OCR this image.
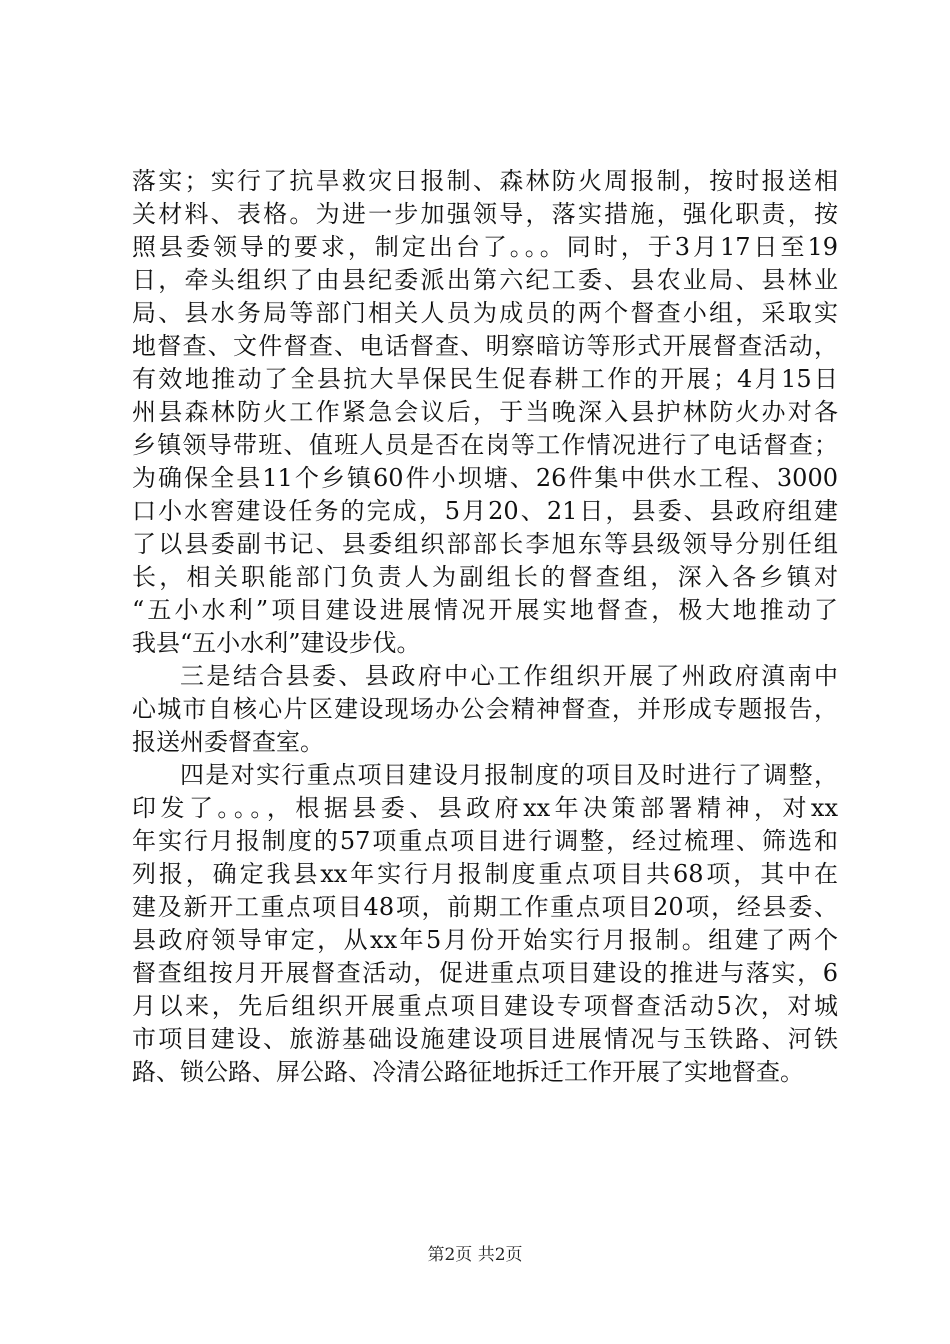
落实；实行了抗旱救灾日报制、森林防火周报制，按时报送相
关材料、表格。为进一步加强领导，落实措施，强化职责，按
照县委领导的要求，制定出台了。。。同时，于3月17日至19
日，牵头组织了由县纪委派出第六纪工委、县农业局、县林业
局、县水务局等部门相关人员为成员的两个督查小组，采取实
地督查、文件督查、电话督查、明察暗访等形式开展督查活动，
有效地推动了全县抗大旱保民生促春耕工作的开展；4月15日
州县森林防火工作紧急会议后，于当晚深入县护林防火办对各
乡镇领导带班、值班人员是否在岗等工作情况进行了电话督查；
为确保全县11个乡镇60件小坝塘、26件集中供水工程、3000
口小水窖建设任务的完成，5月20、21日，县委、县政府组建
了以县委副书记、县委组织部部长李旭东等县级领导分别任组
长，相关职能部门负责人为副组长的督查组，深入各乡镇对
“五小水利”项目建设进展情况开展实地督查，极大地推动了
我县“五小水利”建设步伐。
三是结合县委、县政府中心工作组织开展了州政府滇南中
心城市自核心片区建设现场办公会精神督查，并形成专题报告，
报送州委督查室。
四是对实行重点项目建设月报制度的项目及时进行了调整，
印发了。。。，根据县委、县政府xx年决策部署精神，对xx
年实行月报制度的57项重点项目进行调整，经过梳理、筛选和
列报，确定我县xx年实行月报制度重点项目共68项，其中在
建及新开工重点项目48项，前期工作重点项目20项，经县委、
县政府领导审定，从xx年5月份开始实行月报制。组建了两个
督查组按月开展督查活动，促进重点项目建设的推进与落实，6
月以来，先后组织开展重点项目建设专项督查活动5次，对城
市项目建设、旅游基础设施建设项目进展情况与玉铁路、河铁
路、锁公路、屏公路、冷清公路征地拆迁工作开展了实地督查。
第2页 共2页
